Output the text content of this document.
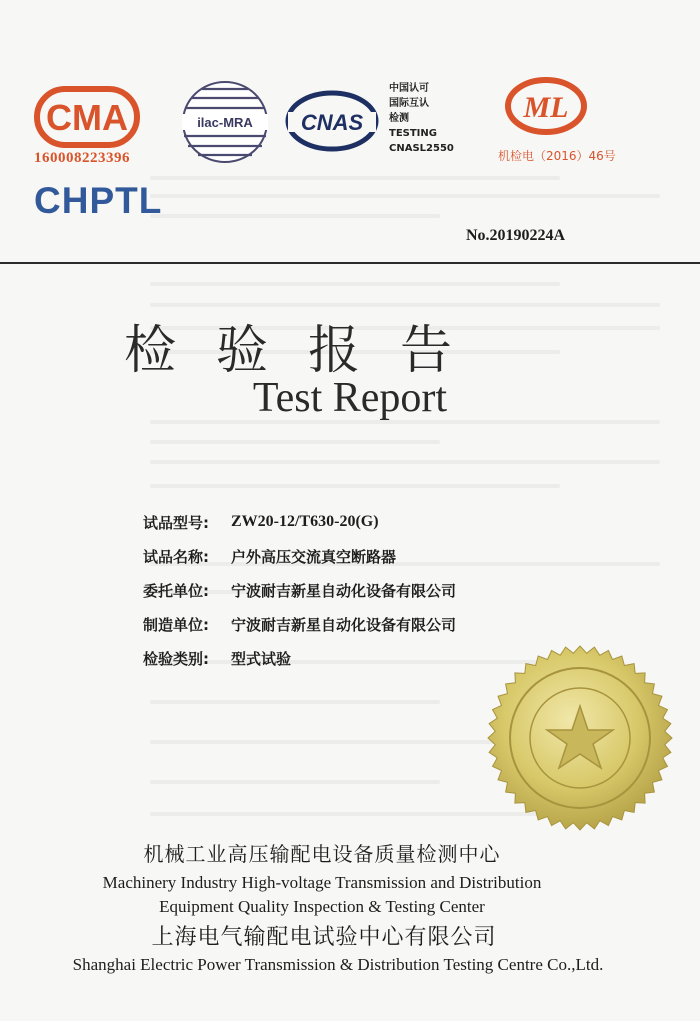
CMA
160008223396
CHPTL
ilac-MRA CNAS
中国认可
国际互认
检测
TESTING
CNASL2550
ML
机检电（2016）46号
No.20190224A
检验报告
Test Report
试品型号:	ZW20-12/T630-20(G)
试品名称:	户外高压交流真空断路器
委托单位:	宁波耐吉新星自动化设备有限公司
制造单位:	宁波耐吉新星自动化设备有限公司
检验类别:	型式试验
机械工业高压输配电设备质量检测中心
Machinery Industry High-voltage Transmission and Distribution
Equipment Quality Inspection & Testing Center
上海电气输配电试验中心有限公司
Shanghai Electric Power Transmission & Distribution Testing Centre Co.,Ltd.
